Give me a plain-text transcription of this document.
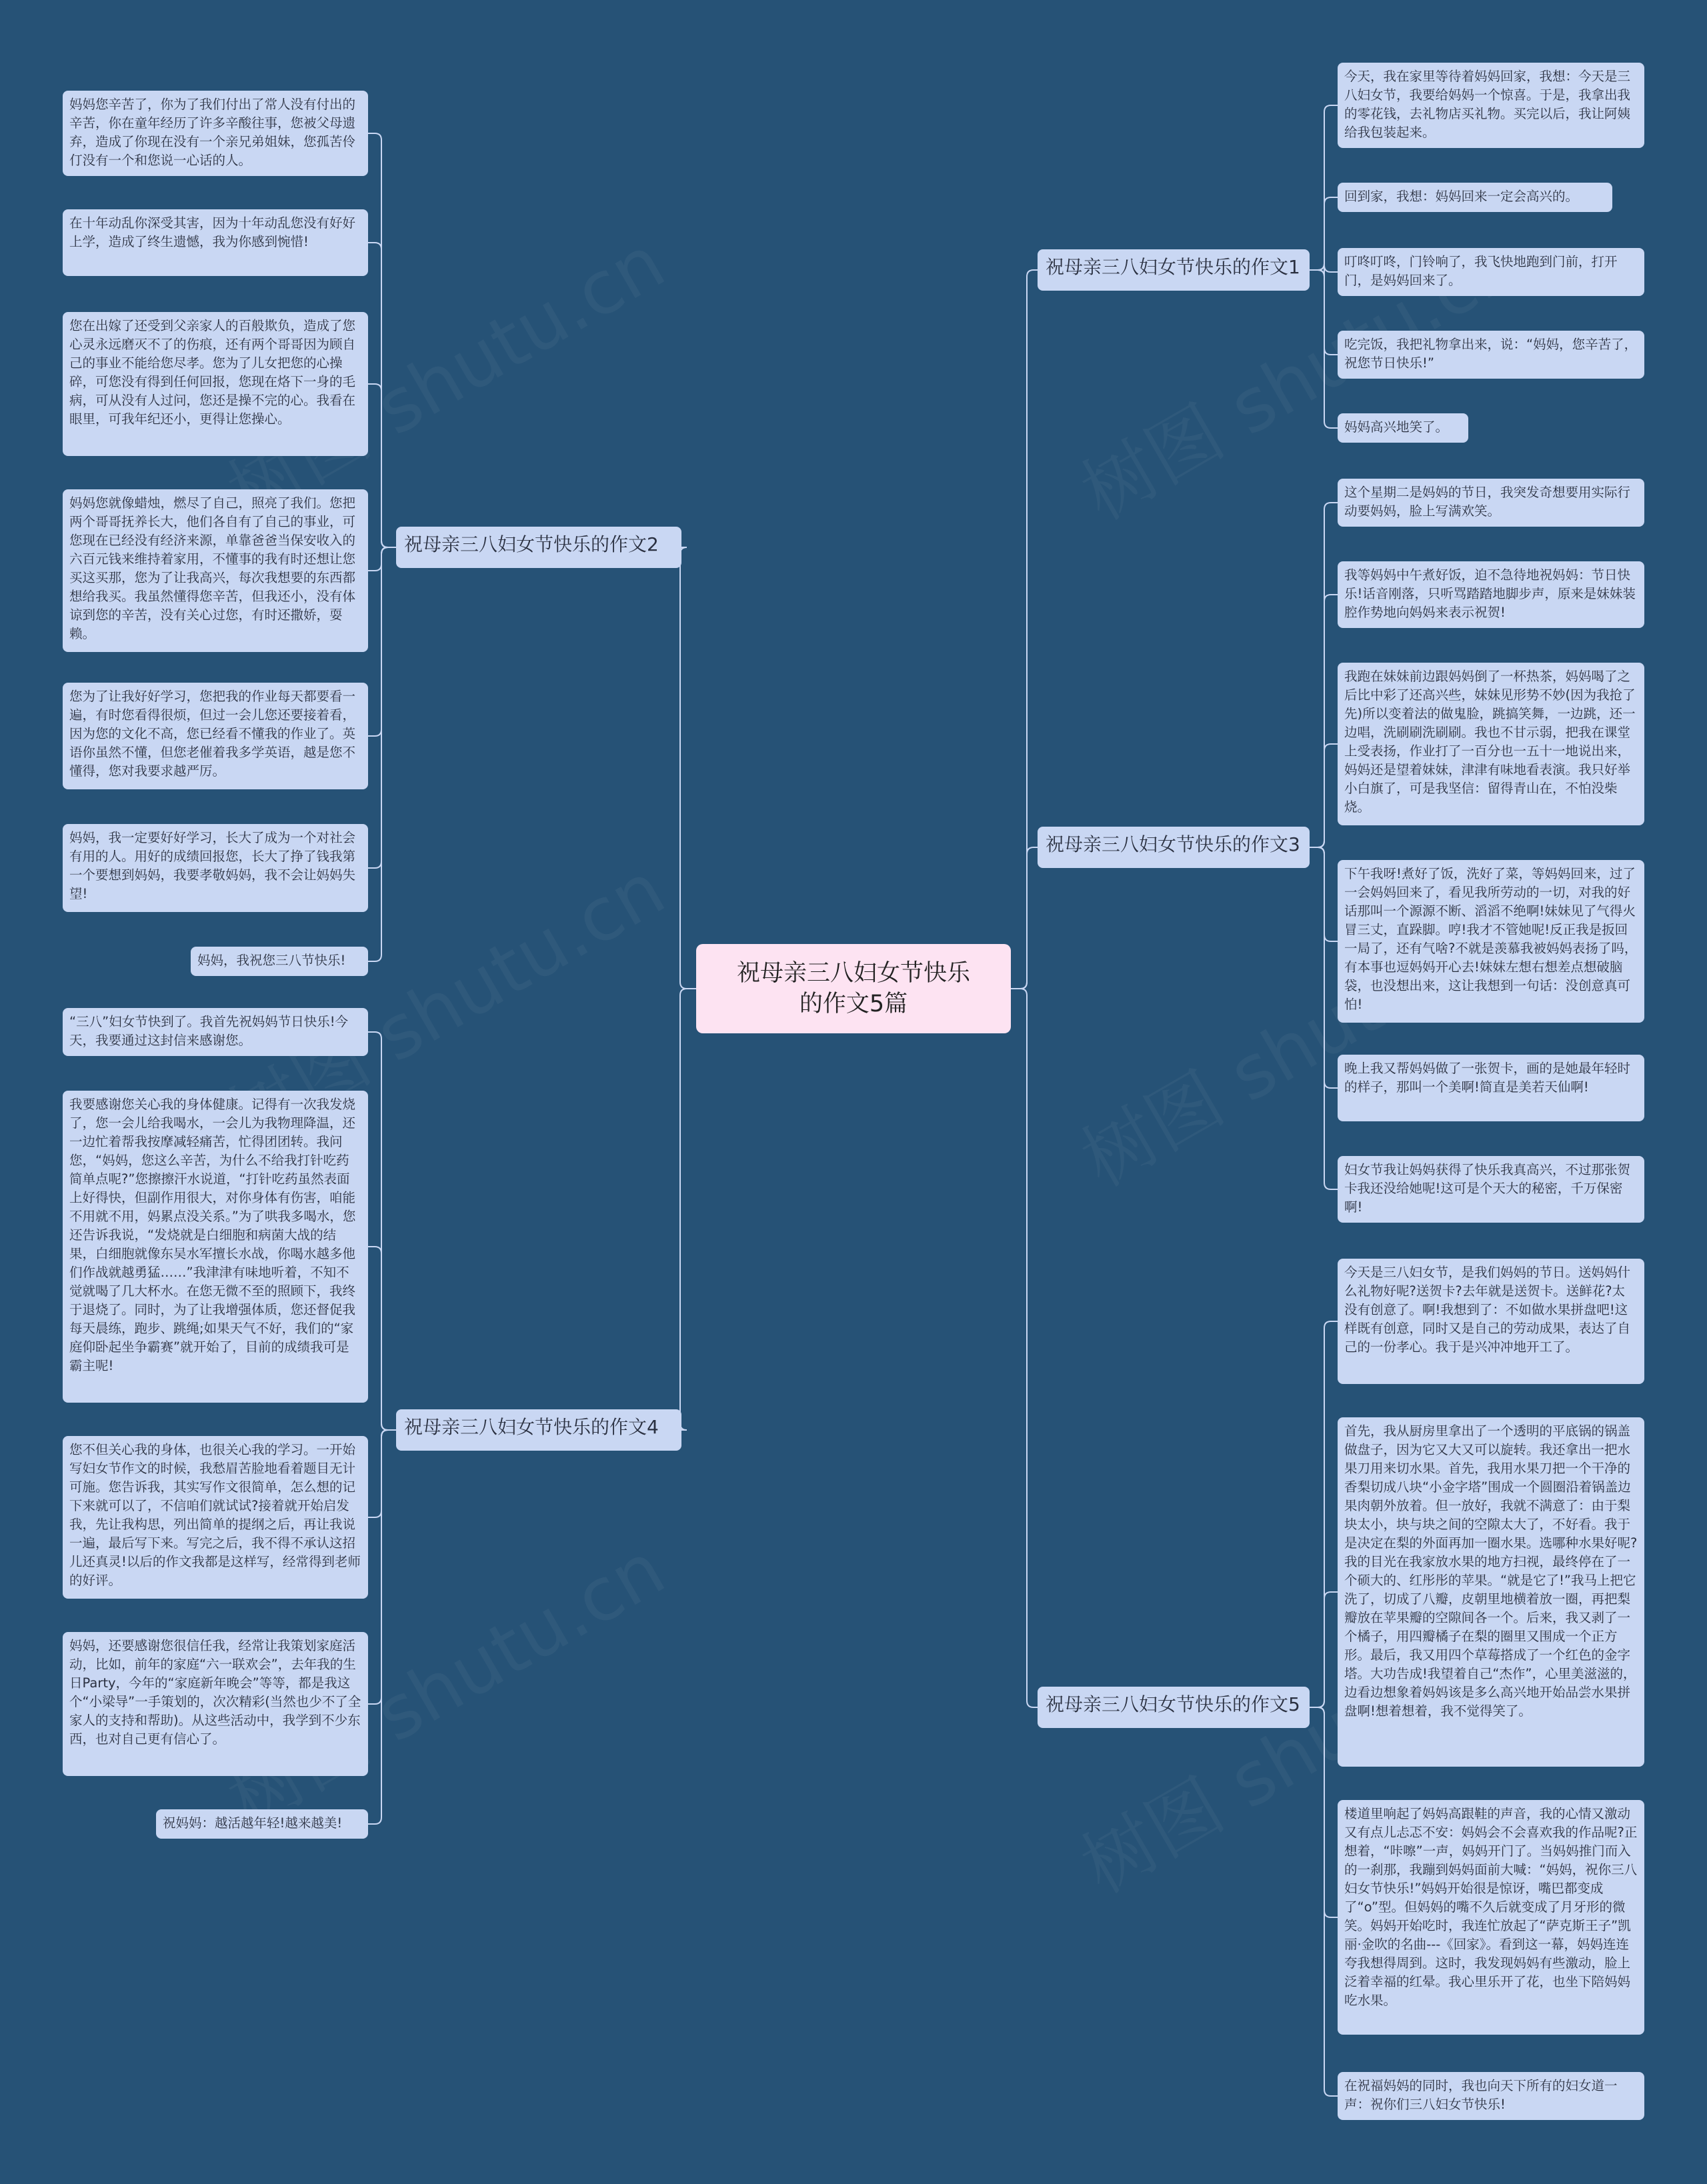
祝母亲三八妇女节快乐的作文5篇
祝母亲三八妇女节快乐的作文1
今天，我在家里等待着妈妈回家，我想：今天是三八妇女节，我要给妈妈一个惊喜。于是，我拿出我的零花钱，去礼物店买礼物。买完以后，我让阿姨给我包装起来。
回到家，我想：妈妈回来一定会高兴的。
叮咚叮咚，门铃响了，我飞快地跑到门前，打开门，是妈妈回来了。
吃完饭，我把礼物拿出来，说：“妈妈，您辛苦了，祝您节日快乐!”
妈妈高兴地笑了。
祝母亲三八妇女节快乐的作文3
这个星期二是妈妈的节日，我突发奇想要用实际行动要妈妈，脸上写满欢笑。
我等妈妈中午煮好饭，迫不急待地祝妈妈：节日快乐!话音刚落，只听骂踏踏地脚步声，原来是妹妹装腔作势地向妈妈来表示祝贺!
我跑在妹妹前边跟妈妈倒了一杯热茶，妈妈喝了之后比中彩了还高兴些，妹妹见形势不妙(因为我抢了先)所以变着法的做鬼脸，跳搞笑舞，一边跳，还一边唱，洗刷刷洗刷刷。我也不甘示弱，把我在课堂上受表扬，作业打了一百分也一五十一地说出来，妈妈还是望着妹妹，津津有味地看表演。我只好举小白旗了，可是我坚信：留得青山在，不怕没柴烧。
下午我呀!煮好了饭，洗好了菜，等妈妈回来，过了一会妈妈回来了，看见我所劳动的一切，对我的好话那叫一个源源不断、滔滔不绝啊!妹妹见了气得火冒三丈，直跺脚。哼!我才不管她呢!反正我是扳回一局了，还有气啥?不就是羡慕我被妈妈表扬了吗，有本事也逗妈妈开心去!妹妹左想右想差点想破脑袋，也没想出来，这让我想到一句话：没创意真可怕!
晚上我又帮妈妈做了一张贺卡，画的是她最年轻时的样子，那叫一个美啊!简直是美若天仙啊!
妇女节我让妈妈获得了快乐我真高兴，不过那张贺卡我还没给她呢!这可是个天大的秘密，千万保密啊!
祝母亲三八妇女节快乐的作文5
今天是三八妇女节，是我们妈妈的节日。送妈妈什么礼物好呢?送贺卡?去年就是送贺卡。送鲜花?太没有创意了。啊!我想到了：不如做水果拼盘吧!这样既有创意，同时又是自己的劳动成果，表达了自己的一份孝心。我于是兴冲冲地开工了。
首先，我从厨房里拿出了一个透明的平底锅的锅盖做盘子，因为它又大又可以旋转。我还拿出一把水果刀用来切水果。首先，我用水果刀把一个干净的香梨切成八块“小金字塔”围成一个圆圈沿着锅盖边果肉朝外放着。但一放好，我就不满意了：由于梨块太小，块与块之间的空隙太大了，不好看。我于是决定在梨的外面再加一圈水果。选哪种水果好呢?我的目光在我家放水果的地方扫视，最终停在了一个硕大的、红彤彤的苹果。“就是它了!”我马上把它洗了，切成了八瓣，皮朝里地横着放一圈，再把梨瓣放在苹果瓣的空隙间各一个。后来，我又剥了一个橘子，用四瓣橘子在梨的圈里又围成一个正方形。最后，我又用四个草莓搭成了一个红色的金字塔。大功告成!我望着自己“杰作”，心里美滋滋的，边看边想象着妈妈该是多么高兴地开始品尝水果拼盘啊!想着想着，我不觉得笑了。
楼道里响起了妈妈高跟鞋的声音，我的心情又激动又有点儿忐忑不安：妈妈会不会喜欢我的作品呢?正想着，“咔嚓”一声，妈妈开门了。当妈妈推门而入的一刹那，我蹦到妈妈面前大喊：“妈妈，祝你三八妇女节快乐!”妈妈开始很是惊讶，嘴巴都变成了“o”型。但妈妈的嘴不久后就变成了月牙形的微笑。妈妈开始吃时，我连忙放起了“萨克斯王子”凯丽·金吹的名曲---《回家》。看到这一幕，妈妈连连夸我想得周到。这时，我发现妈妈有些激动，脸上泛着幸福的红晕。我心里乐开了花，也坐下陪妈妈吃水果。
在祝福妈妈的同时，我也向天下所有的妇女道一声：祝你们三八妇女节快乐!
祝母亲三八妇女节快乐的作文2
妈妈您辛苦了，你为了我们付出了常人没有付出的辛苦，你在童年经历了许多辛酸往事，您被父母遗弃，造成了你现在没有一个亲兄弟姐妹，您孤苦伶仃没有一个和您说一心话的人。
在十年动乱你深受其害，因为十年动乱您没有好好上学，造成了终生遗憾，我为你感到惋惜!
您在出嫁了还受到父亲家人的百般欺负，造成了您心灵永远磨灭不了的伤痕，还有两个哥哥因为顾自己的事业不能给您尽孝。您为了儿女把您的心操碎，可您没有得到任何回报，您现在烙下一身的毛病，可从没有人过问，您还是操不完的心。我看在眼里，可我年纪还小，更得让您操心。
妈妈您就像蜡烛，燃尽了自己，照亮了我们。您把两个哥哥抚养长大，他们各自有了自己的事业，可您现在已经没有经济来源，单靠爸爸当保安收入的六百元钱来维持着家用，不懂事的我有时还想让您买这买那，您为了让我高兴，每次我想要的东西都想给我买。我虽然懂得您辛苦，但我还小，没有体谅到您的辛苦，没有关心过您，有时还撒娇，耍赖。
您为了让我好好学习，您把我的作业每天都要看一遍，有时您看得很烦，但过一会儿您还要接着看，因为您的文化不高，您已经看不懂我的作业了。英语你虽然不懂，但您老催着我多学英语，越是您不懂得，您对我要求越严厉。
妈妈，我一定要好好学习，长大了成为一个对社会有用的人。用好的成绩回报您，长大了挣了钱我第一个要想到妈妈，我要孝敬妈妈，我不会让妈妈失望!
妈妈，我祝您三八节快乐!
祝母亲三八妇女节快乐的作文4
“三八”妇女节快到了。我首先祝妈妈节日快乐!今天，我要通过这封信来感谢您。
我要感谢您关心我的身体健康。记得有一次我发烧了，您一会儿给我喝水，一会儿为我物理降温，还一边忙着帮我按摩减轻痛苦，忙得团团转。我问您，“妈妈，您这么辛苦，为什么不给我打针吃药简单点呢?”您擦擦汗水说道，“打针吃药虽然表面上好得快，但副作用很大，对你身体有伤害，咱能不用就不用，妈累点没关系。”为了哄我多喝水，您还告诉我说，“发烧就是白细胞和病菌大战的结果，白细胞就像东吴水军擅长水战，你喝水越多他们作战就越勇猛……”我津津有味地听着，不知不觉就喝了几大杯水。在您无微不至的照顾下，我终于退烧了。同时，为了让我增强体质，您还督促我每天晨练，跑步、跳绳;如果天气不好，我们的“家庭仰卧起坐争霸赛”就开始了，目前的成绩我可是霸主呢!
您不但关心我的身体，也很关心我的学习。一开始写妇女节作文的时候，我愁眉苦脸地看着题目无计可施。您告诉我，其实写作文很简单，怎么想的记下来就可以了，不信咱们就试试?接着就开始启发我，先让我构思，列出简单的提纲之后，再让我说一遍，最后写下来。写完之后，我不得不承认这招儿还真灵!以后的作文我都是这样写，经常得到老师的好评。
妈妈，还要感谢您很信任我，经常让我策划家庭活动，比如，前年的家庭“六一联欢会”，去年我的生日Party，今年的“家庭新年晚会”等等，都是我这个“小梁导”一手策划的，次次精彩(当然也少不了全家人的支持和帮助)。从这些活动中，我学到不少东西，也对自己更有信心了。
祝妈妈：越活越年轻!越来越美!
